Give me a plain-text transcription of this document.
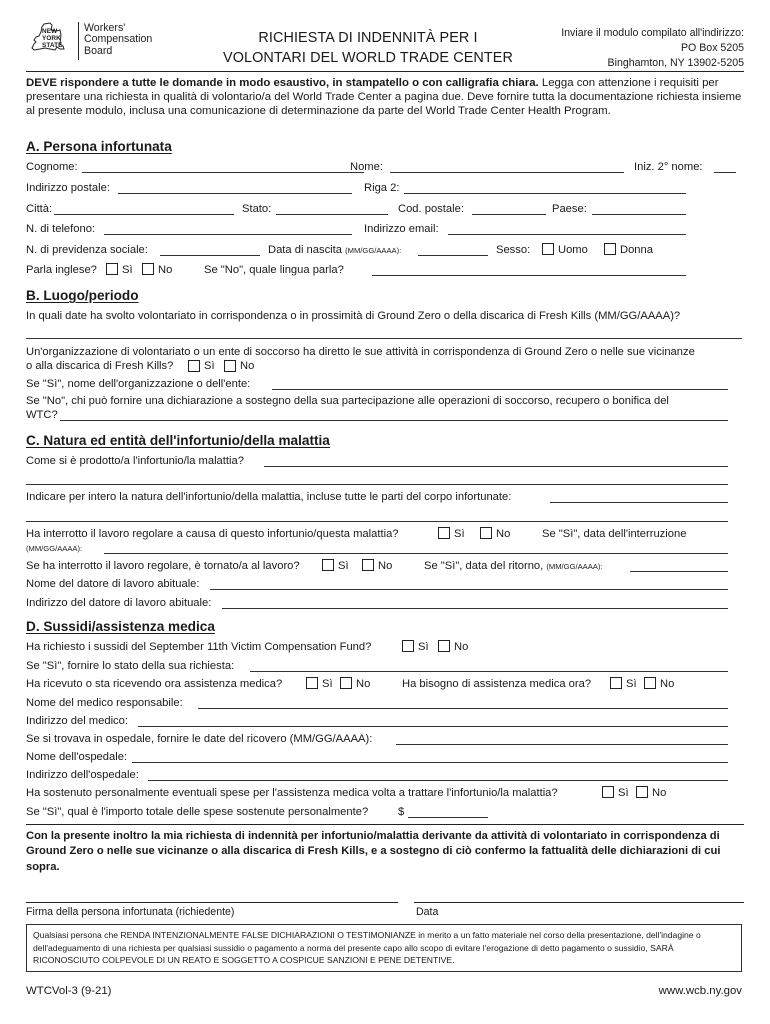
NEW
YORK
STATE
Workers'
Compensation
Board
RICHIESTA DI INDENNITÀ PER I
VOLONTARI DEL WORLD TRADE CENTER
Inviare il modulo compilato all'indirizzo:
PO Box 5205
Binghamton, NY 13902-5205
DEVE rispondere a tutte le domande in modo esaustivo, in stampatello o con calligrafia chiara. Legga con attenzione i requisiti per presentare una richiesta in qualità di volontario/a del World Trade Center a pagina due. Deve fornire tutta la documentazione richiesta insieme al presente modulo, inclusa una comunicazione di determinazione da parte del World Trade Center Health Program.
A. Persona infortunata
Cognome:	Nome:	Iniz. 2° nome:
Indirizzo postale:	Riga 2:
Città:	Stato:	Cod. postale:	Paese:
N. di telefono:	Indirizzo email:
N. di previdenza sociale:	Data di nascita (MM/GG/AAAA):	Sesso: Uomo	Donna
Parla inglese? Sì No	Se "No", quale lingua parla?
B. Luogo/periodo
In quali date ha svolto volontariato in corrispondenza o in prossimità di Ground Zero o della discarica di Fresh Kills (MM/GG/AAAA)?
Un'organizzazione di volontariato o un ente di soccorso ha diretto le sue attività in corrispondenza di Ground Zero o nelle sue vicinanze
o alla discarica di Fresh Kills?	Sì No
Se "Sì", nome dell'organizzazione o dell'ente:
Se "No", chi può fornire una dichiarazione a sostegno della sua partecipazione alle operazioni di soccorso, recupero o bonifica del
WTC?
C. Natura ed entità dell'infortunio/della malattia
Come si è prodotto/a l'infortunio/la malattia?
Indicare per intero la natura dell'infortunio/della malattia, incluse tutte le parti del corpo infortunate:
Ha interrotto il lavoro regolare a causa di questo infortunio/questa malattia?	Sì	No	Se "Sì", data dell'interruzione
(MM/GG/AAAA):
Se ha interrotto il lavoro regolare, è tornato/a al lavoro?	Sì	No	Se "Sì", data del ritorno, (MM/GG/AAAA):
Nome del datore di lavoro abituale:
Indirizzo del datore di lavoro abituale:
D. Sussidi/assistenza medica
Ha richiesto i sussidi del September 11th Victim Compensation Fund?	Sì No
Se "Sì", fornire lo stato della sua richiesta:
Ha ricevuto o sta ricevendo ora assistenza medica?	Sì No	Ha bisogno di assistenza medica ora?	Sì No
Nome del medico responsabile:
Indirizzo del medico:
Se si trovava in ospedale, fornire le date del ricovero (MM/GG/AAAA):
Nome dell'ospedale:
Indirizzo dell'ospedale:
Ha sostenuto personalmente eventuali spese per l'assistenza medica volta a trattare l'infortunio/la malattia?	Sì No
Se "Sì", qual è l'importo totale delle spese sostenute personalmente?	$
Con la presente inoltro la mia richiesta di indennità per infortunio/malattia derivante da attività di volontariato in corrispondenza di Ground Zero o nelle sue vicinanze o alla discarica di Fresh Kills, e a sostegno di ciò confermo la fattualità delle dichiarazioni di cui sopra.
Firma della persona infortunata (richiedente)	Data
Qualsiasi persona che RENDA INTENZIONALMENTE FALSE DICHIARAZIONI O TESTIMONIANZE in merito a un fatto materiale nel corso della presentazione, dell'indagine o dell'adeguamento di una richiesta per qualsiasi sussidio o pagamento a norma del presente capo allo scopo di evitare l'erogazione di detto pagamento o sussidio, SARÀ RICONOSCIUTO COLPEVOLE DI UN REATO E SOGGETTO A COSPICUE SANZIONI E PENE DETENTIVE.
WTCVol-3 (9-21)	www.wcb.ny.gov
